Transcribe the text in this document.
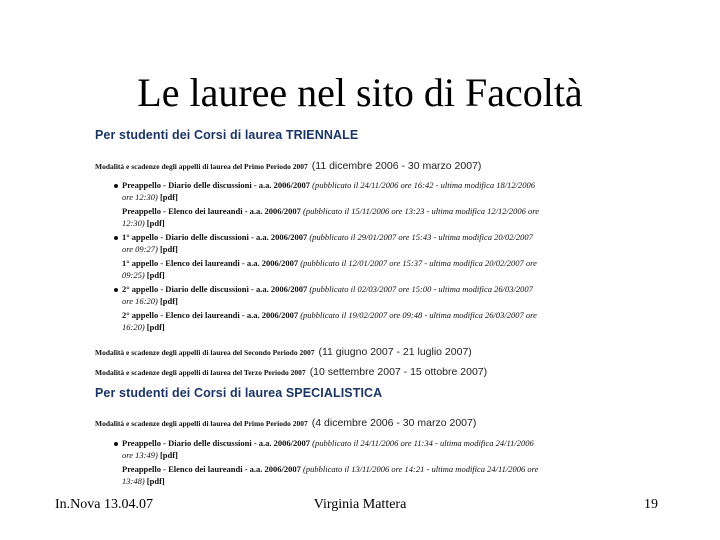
Le lauree nel sito di Facoltà
Per studenti dei Corsi di laurea TRIENNALE
Modalità e scadenze degli appelli di laurea del Primo Periodo 2007 (11 dicembre 2006 - 30 marzo 2007)
Preappello - Diario delle discussioni - a.a. 2006/2007 (pubblicato il 24/11/2006 ore 16:42 - ultima modifica 18/12/2006
ore 12:30) [pdf]
Preappello - Elenco dei laureandi - a.a. 2006/2007 (pubblicato il 15/11/2006 ore 13:23 - ultima modifica 12/12/2006 ore
12:30) [pdf]
1° appello - Diario delle discussioni - a.a. 2006/2007 (pubblicato il 29/01/2007 ore 15:43 - ultima modifica 20/02/2007
ore 09:27) [pdf]
1° appello - Elenco dei laureandi - a.a. 2006/2007 (pubblicato il 12/01/2007 ore 15:37 - ultima modifica 20/02/2007 ore
09:25) [pdf]
2° appello - Diario delle discussioni - a.a. 2006/2007 (pubblicato il 02/03/2007 ore 15:00 - ultima modifica 26/03/2007
ore 16:20) [pdf]
2° appello - Elenco dei laureandi - a.a. 2006/2007 (pubblicato il 19/02/2007 ore 09:48 - ultima modifica 26/03/2007 ore
16:20) [pdf]
Modalità e scadenze degli appelli di laurea del Secondo Periodo 2007 (11 giugno 2007 - 21 luglio 2007)
Modalità e scadenze degli appelli di laurea del Terzo Periodo 2007 (10 settembre 2007 - 15 ottobre 2007)
Per studenti dei Corsi di laurea SPECIALISTICA
Modalità e scadenze degli appelli di laurea del Primo Periodo 2007 (4 dicembre 2006 - 30 marzo 2007)
Preappello - Diario delle discussioni - a.a. 2006/2007 (pubblicato il 24/11/2006 ore 11:34 - ultima modifica 24/11/2006
ore 13:49) [pdf]
Preappello - Elenco dei laureandi - a.a. 2006/2007 (pubblicato il 13/11/2006 ore 14:21 - ultima modifica 24/11/2006 ore
13:48) [pdf]
In.Nova 13.04.07	Virginia Mattera	19
